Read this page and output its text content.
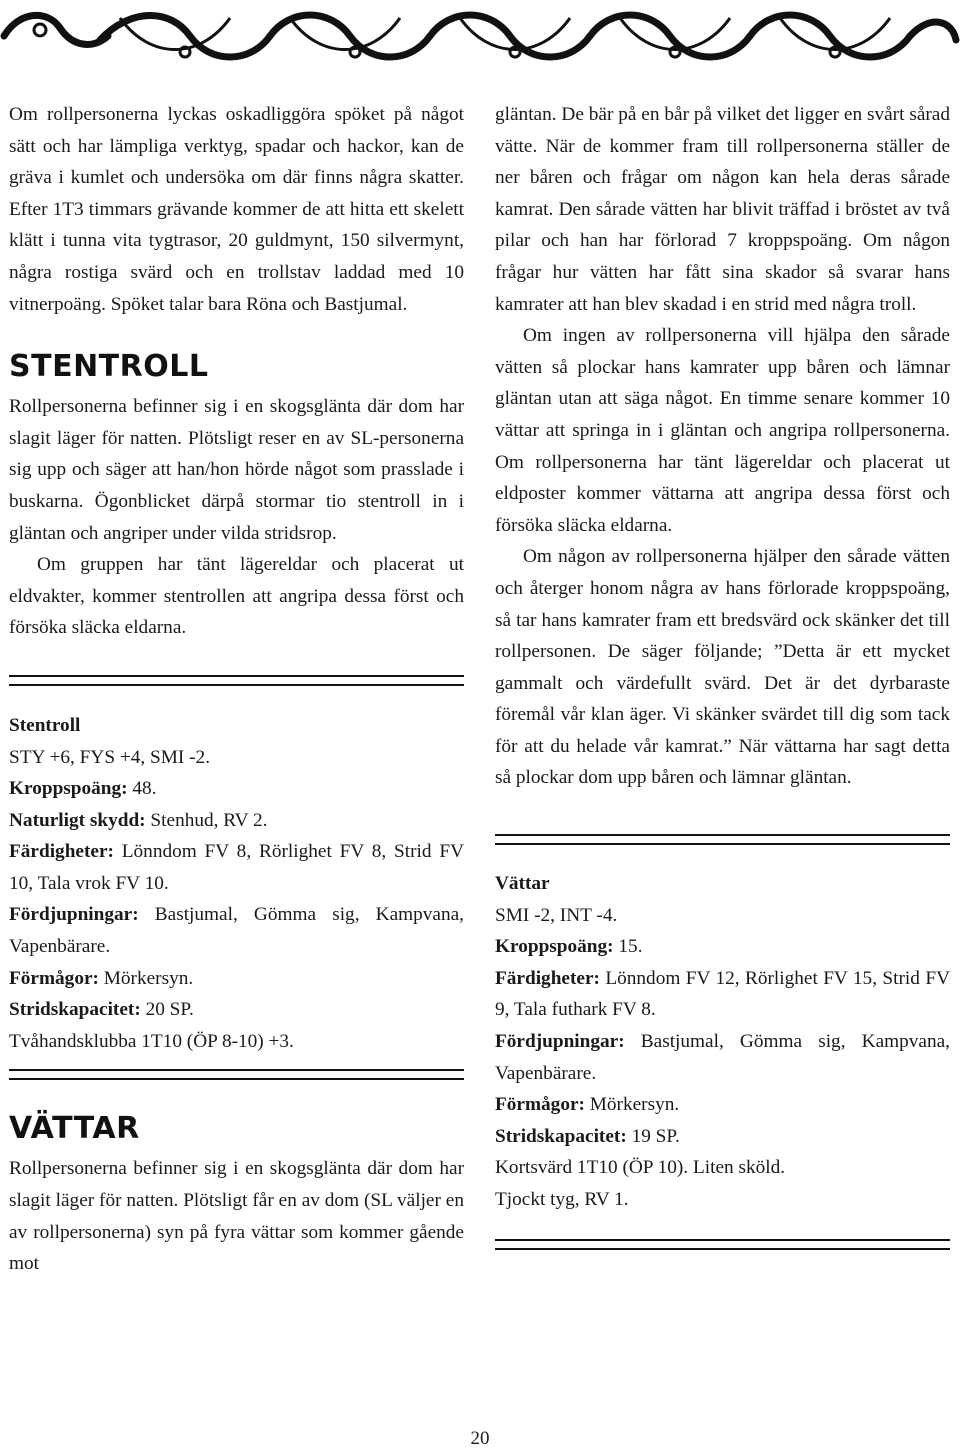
Om rollpersonerna lyckas oskadliggöra spöket på något sätt och har lämpliga verktyg, spadar och hackor, kan de gräva i kumlet och undersöka om där finns några skatter. Efter 1T3 timmars grävande kommer de att hitta ett skelett klätt i tunna vita tygtrasor, 20 guldmynt, 150 silvermynt, några rostiga svärd och en trollstav laddad med 10 vitnerpoäng. Spöket talar bara Röna och Bastjumal.

STENTROLL

Rollpersonerna befinner sig i en skogsglänta där dom har slagit läger för natten. Plötsligt reser en av SL-personerna sig upp och säger att han/hon hörde något som prasslade i buskarna. Ögonblicket därpå stormar tio stentroll in i gläntan och angriper under vilda stridsrop.

Om gruppen har tänt lägereldar och placerat ut eldvakter, kommer stentrollen att angripa dessa först och försöka släcka eldarna.

Stentroll

STY +6, FYS +4, SMI -2.

Kroppspoäng: 48.

Naturligt skydd: Stenhud, RV 2.

Färdigheter: Lönndom FV 8, Rörlighet FV 8, Strid FV 10, Tala vrok FV 10.

Fördjupningar: Bastjumal, Gömma sig, Kampvana, Vapenbärare.

Förmågor: Mörkersyn.

Stridskapacitet: 20 SP.

Tvåhandsklubba 1T10 (ÖP 8-10) +3.

VÄTTAR

Rollpersonerna befinner sig i en skogsglänta där dom har slagit läger för natten. Plötsligt får en av dom (SL väljer en av rollpersonerna) syn på fyra vättar som kommer gående mot

gläntan. De bär på en bår på vilket det ligger en svårt sårad vätte. När de kommer fram till rollpersonerna ställer de ner båren och frågar om någon kan hela deras sårade kamrat. Den sårade vätten har blivit träffad i bröstet av två pilar och han har förlorad 7 kroppspoäng. Om någon frågar hur vätten har fått sina skador så svarar hans kamrater att han blev skadad i en strid med några troll.

Om ingen av rollpersonerna vill hjälpa den sårade vätten så plockar hans kamrater upp båren och lämnar gläntan utan att säga något. En timme senare kommer 10 vättar att springa in i gläntan och angripa rollpersonerna. Om rollpersonerna har tänt lägereldar och placerat ut eldposter kommer vättarna att angripa dessa först och försöka släcka eldarna.

Om någon av rollpersonerna hjälper den sårade vätten och återger honom några av hans förlorade kroppspoäng, så tar hans kamrater fram ett bredsvärd ock skänker det till rollpersonen. De säger följande; ”Detta är ett mycket gammalt och värdefullt svärd. Det är det dyrbaraste föremål vår klan äger. Vi skänker svärdet till dig som tack för att du helade vår kamrat.” När vättarna har sagt detta så plockar dom upp båren och lämnar gläntan.

Vättar

SMI -2, INT -4.

Kroppspoäng: 15.

Färdigheter: Lönndom FV 12, Rörlighet FV 15, Strid FV 9, Tala futhark FV 8.

Fördjupningar: Bastjumal, Gömma sig, Kampvana, Vapenbärare.

Förmågor: Mörkersyn.

Stridskapacitet: 19 SP.

Kortsvärd 1T10 (ÖP 10). Liten sköld.

Tjockt tyg, RV 1.

20
